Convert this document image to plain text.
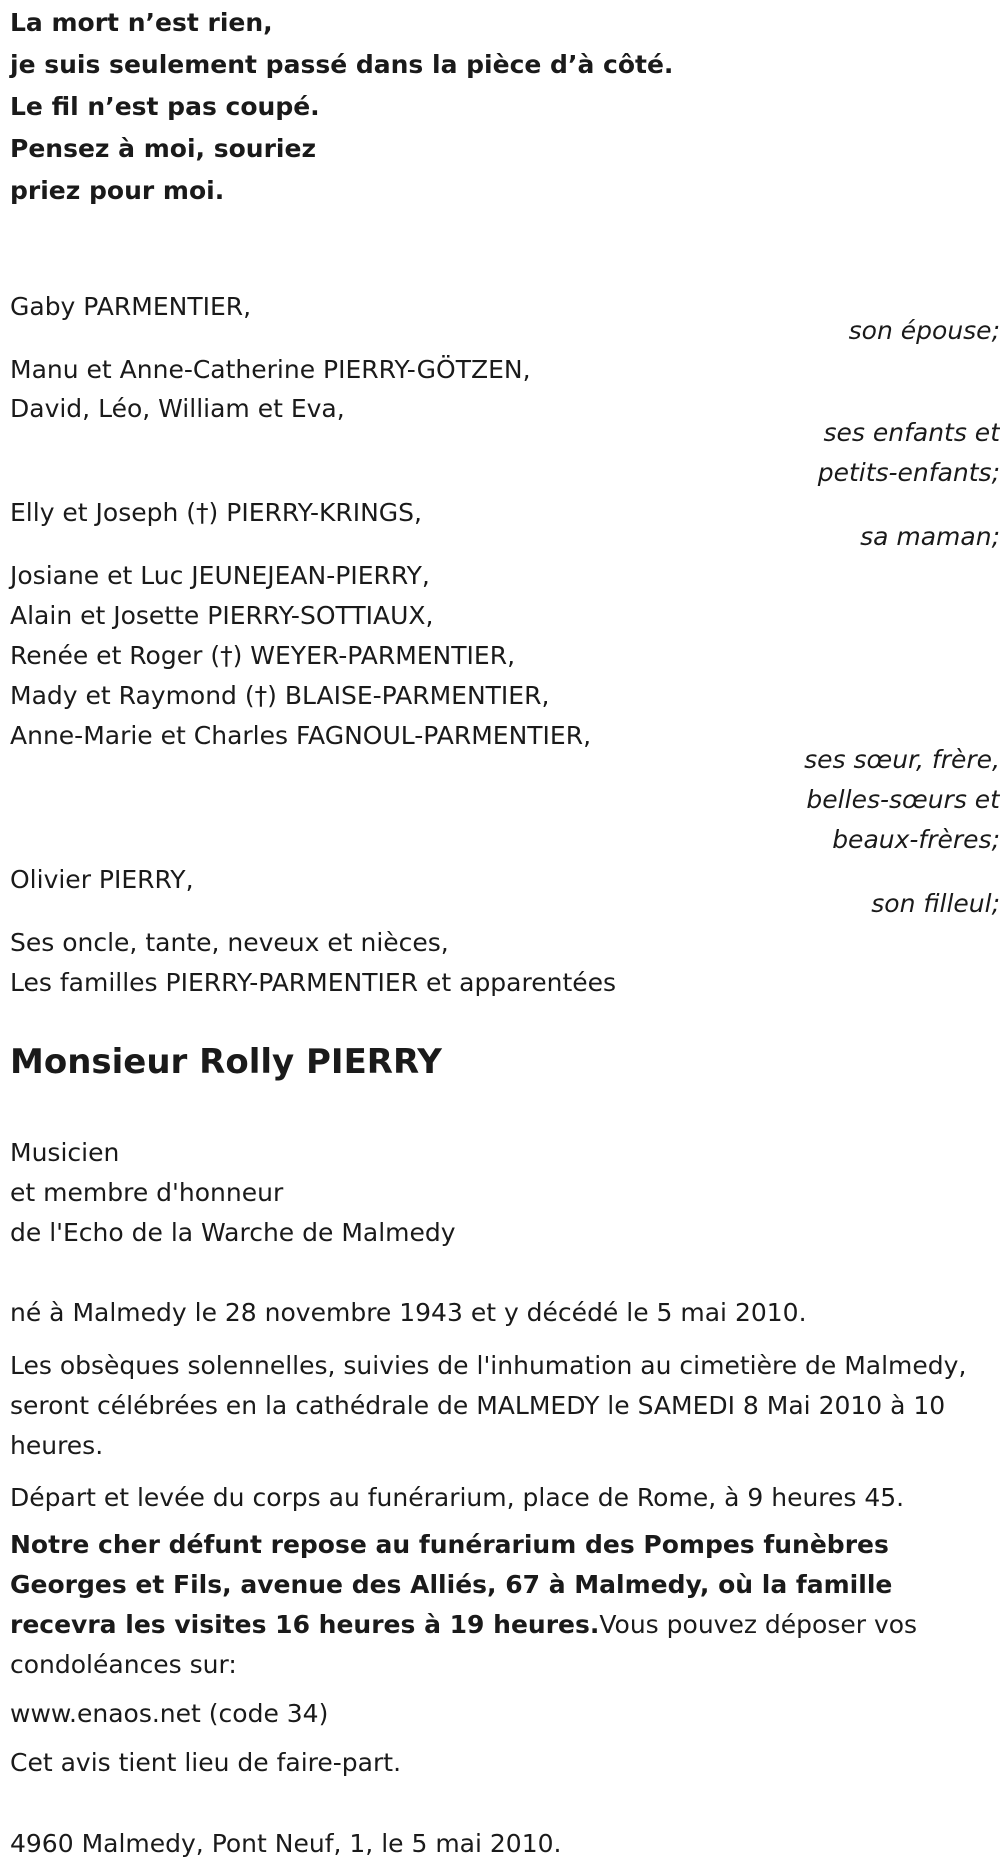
La mort n’est rien,

je suis seulement passé dans la pièce d’à côté.

Le fil n’est pas coupé.

Pensez à moi, souriez

priez pour moi.

Gaby PARMENTIER,

son épouse;

Manu et Anne-Catherine PIERRY-GÖTZEN,

David, Léo, William et Eva,

ses enfants et

petits-enfants;

Elly et Joseph (†) PIERRY-KRINGS,

sa maman;

Josiane et Luc JEUNEJEAN-PIERRY,

Alain et Josette PIERRY-SOTTIAUX,

Renée et Roger (†) WEYER-PARMENTIER,

Mady et Raymond (†) BLAISE-PARMENTIER,

Anne-Marie et Charles FAGNOUL-PARMENTIER,

ses sœur, frère,

belles-sœurs et

beaux-frères;

Olivier PIERRY,

son filleul;

Ses oncle, tante, neveux et nièces,

Les familles PIERRY-PARMENTIER et apparentées

Monsieur Rolly PIERRY

Musicien

et membre d'honneur

de l'Echo de la Warche de Malmedy

né à Malmedy le 28 novembre 1943 et y décédé le 5 mai 2010.

Les obsèques solennelles, suivies de l'inhumation au cimetière de Malmedy, seront célébrées en la cathédrale de MALMEDY le SAMEDI 8 Mai 2010 à 10 heures.

Départ et levée du corps au funérarium, place de Rome, à 9 heures 45.

Notre cher défunt repose au funérarium des Pompes funèbres Georges et Fils, avenue des Alliés, 67 à Malmedy, où la famille recevra les visites 16 heures à 19 heures.Vous pouvez déposer vos condoléances sur:

www.enaos.net (code 34)

Cet avis tient lieu de faire-part.

4960 Malmedy, Pont Neuf, 1, le 5 mai 2010.
